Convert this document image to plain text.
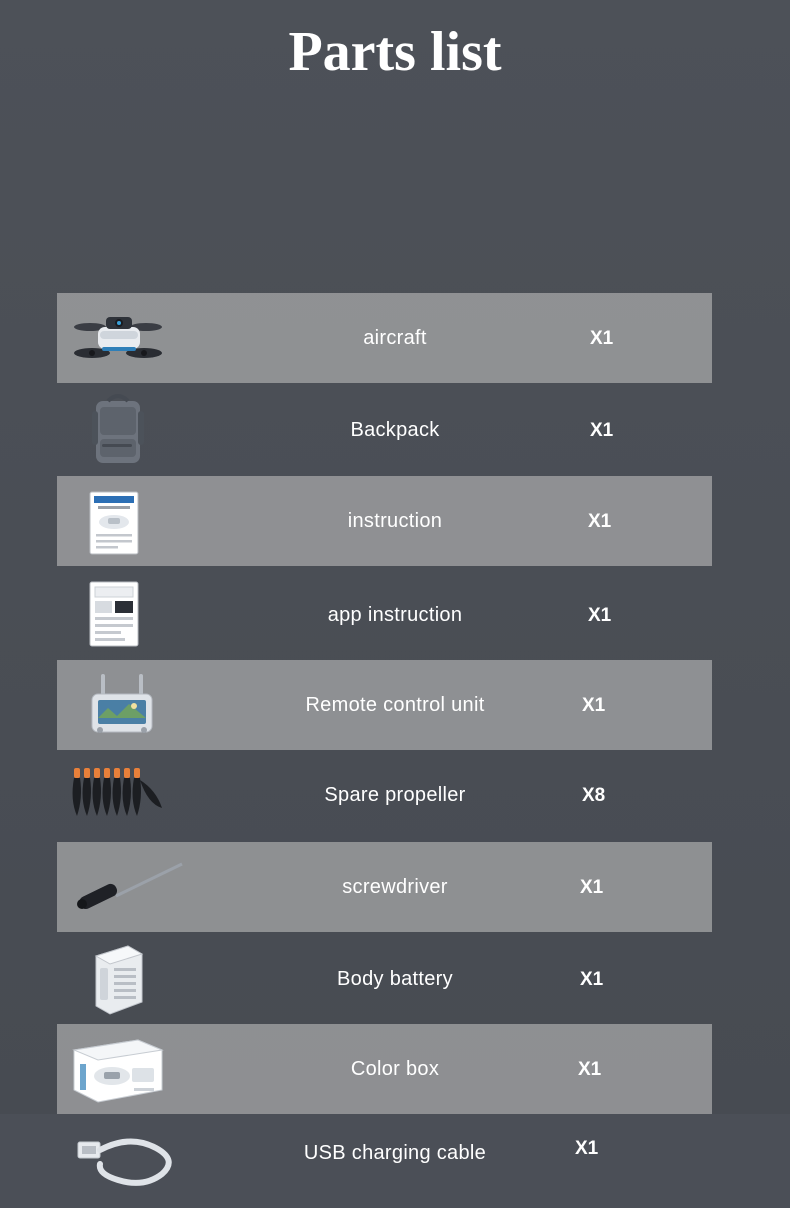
Parts list
aircraft	X1
Backpack	X1
instruction	X1
app instruction	X1
Remote control unit	X1
Spare propeller	X8
screwdriver	X1
Body battery	X1
Color box	X1
USB charging cable	X1
